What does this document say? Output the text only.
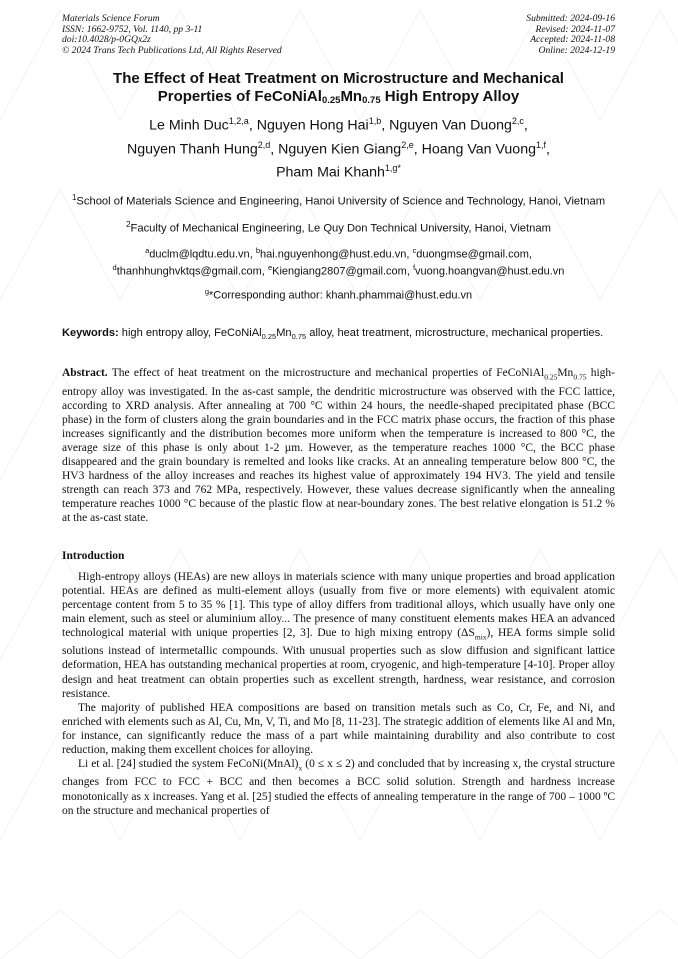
Materials Science Forum
ISSN: 1662-9752, Vol. 1140, pp 3-11
doi:10.4028/p-0GQx2z
© 2024 Trans Tech Publications Ltd, All Rights Reserved
Submitted: 2024-09-16
Revised: 2024-11-07
Accepted: 2024-11-08
Online: 2024-12-19
The Effect of Heat Treatment on Microstructure and Mechanical
Properties of $FeCoNiAl_{0.25}Mn_{0.75}$ High Entropy Alloy
Le Minh Duc$^{1,2,a}$, Nguyen Hong Hai$^{1,b}$, Nguyen Van Duong$^{2,c}$,
Nguyen Thanh Hung$^{2,d}$, Nguyen Kien Giang$^{2,e}$, Hoang Van Vuong$^{1,f}$,
Pham Mai Khanh$^{1,g*}$
$^1$School of Materials Science and Engineering, Hanoi University of Science and Technology, Hanoi, Vietnam
$^2$Faculty of Mechanical Engineering, Le Quy Don Technical University, Hanoi, Vietnam
$^a$duclm@lqdtu.edu.vn, $^b$hai.nguyenhong@hust.edu.vn, $^c$duongmse@gmail.com,
$^d$thanhhunghvktqs@gmail.com, $^e$Kiengiang2807@gmail.com, $^f$vuong.hoangvan@hust.edu.vn
$^g$*Corresponding author: khanh.phammai@hust.edu.vn
Keywords: high entropy alloy, $FeCoNiAl_{0.25}Mn_{0.75}$ alloy, heat treatment, microstructure, mechanical properties.
Abstract. The effect of heat treatment on the microstructure and mechanical properties of $FeCoNiAl_{0.25}Mn_{0.75}$ high-entropy alloy was investigated. In the as-cast sample, the dendritic microstructure was observed with the FCC lattice, according to XRD analysis. After annealing at 700 °C within 24 hours, the needle-shaped precipitated phase (BCC phase) in the form of clusters along the grain boundaries and in the FCC matrix phase occurs, the fraction of this phase increases significantly and the distribution becomes more uniform when the temperature is increased to 800 °C, the average size of this phase is only about 1-2 µm. However, as the temperature reaches 1000 °C, the BCC phase disappeared and the grain boundary is remelted and looks like cracks. At an annealing temperature below 800 °C, the HV3 hardness of the alloy increases and reaches its highest value of approximately 194 HV3. The yield and tensile strength can reach 373 and 762 MPa, respectively. However, these values decrease significantly when the annealing temperature reaches 1000 °C because of the plastic flow at near-boundary zones. The best relative elongation is 51.2 % at the as-cast state.
Introduction

High-entropy alloys (HEAs) are new alloys in materials science with many unique properties and broad application potential. HEAs are defined as multi-element alloys (usually from five or more elements) with equivalent atomic percentage content from 5 to 35 % [1]. This type of alloy differs from traditional alloys, which usually have only one main element, such as steel or aluminium alloy... The presence of many constituent elements makes HEA an advanced technological material with unique properties [2, 3]. Due to high mixing entropy $(\Delta S_{mix})$, HEA forms simple solid solutions instead of intermetallic compounds. With unusual properties such as slow diffusion and significant lattice deformation, HEA has outstanding mechanical properties at room, cryogenic, and high-temperature [4-10]. Proper alloy design and heat treatment can obtain properties such as excellent strength, hardness, wear resistance, and corrosion resistance.

The majority of published HEA compositions are based on transition metals such as Co, Cr, Fe, and Ni, and enriched with elements such as Al, Cu, Mn, V, Ti, and Mo [8, 11-23]. The strategic addition of elements like Al and Mn, for instance, can significantly reduce the mass of a part while maintaining durability and also contribute to cost reduction, making them excellent choices for alloying.

Li et al. [24] studied the system $FeCoNi(MnAl)_x$ (0 ≤ x ≤ 2) and concluded that by increasing x, the crystal structure changes from FCC to FCC + BCC and then becomes a BCC solid solution. Strength and hardness increase monotonically as x increases. Yang et al. [25] studied the effects of annealing temperature in the range of 700 – 1000 ºC on the structure and mechanical properties of
